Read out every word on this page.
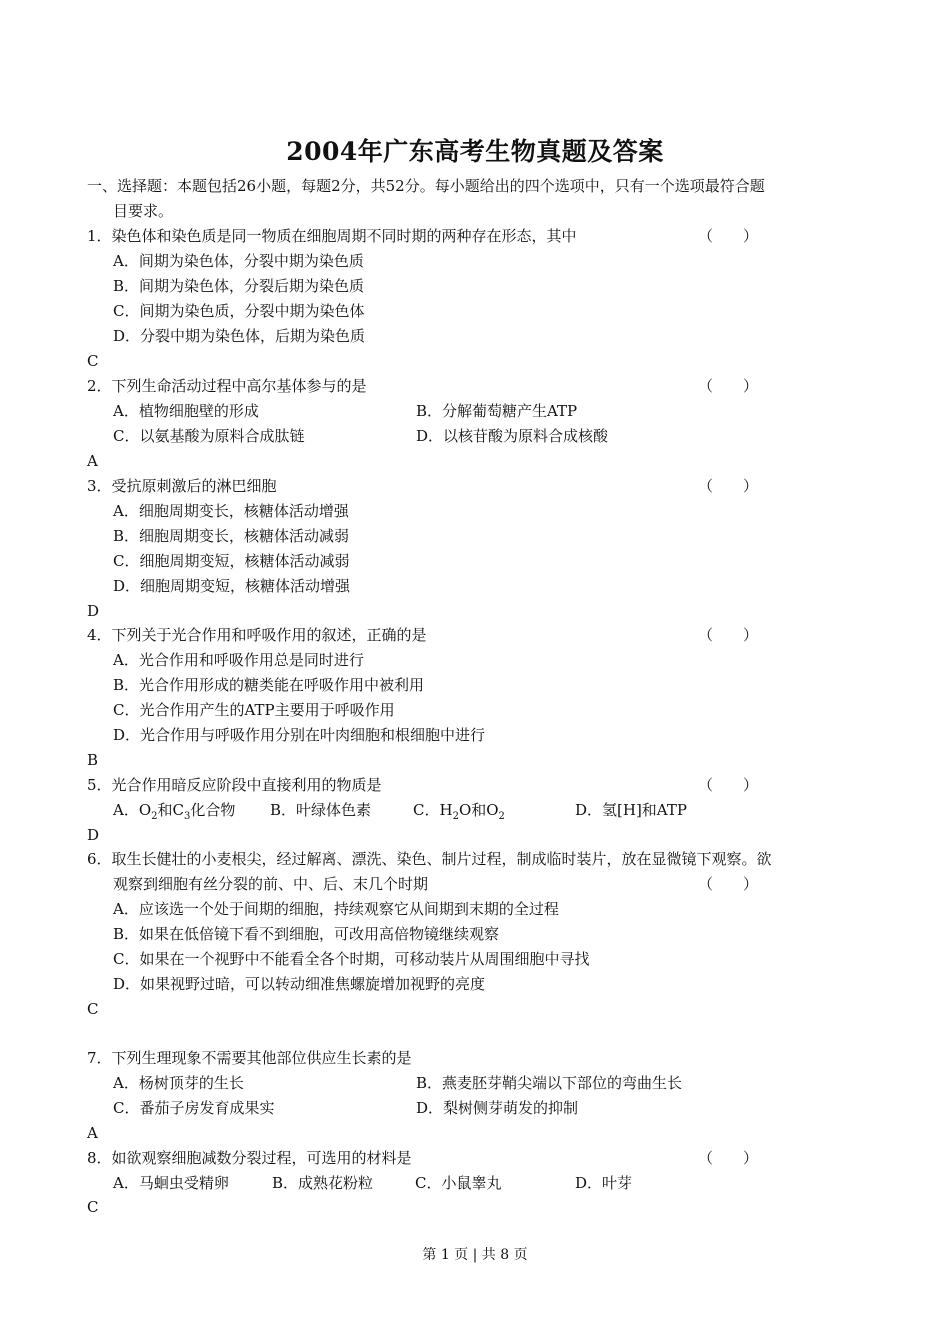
2004年广东高考生物真题及答案
一、选择题：本题包括26小题，每题2分，共52分。每小题给出的四个选项中，只有一个选项最符合题
目要求。
1．染色体和染色质是同一物质在细胞周期不同时期的两种存在形态，其中	（　　）
A．间期为染色体，分裂中期为染色质
B．间期为染色体，分裂后期为染色质
C．间期为染色质，分裂中期为染色体
D．分裂中期为染色体，后期为染色质
C
2．下列生命活动过程中高尔基体参与的是	（　　）
A．植物细胞壁的形成	B．分解葡萄糖产生ATP
C．以氨基酸为原料合成肽链	D．以核苷酸为原料合成核酸
A
3．受抗原刺激后的淋巴细胞	（　　）
A．细胞周期变长，核糖体活动增强
B．细胞周期变长，核糖体活动减弱
C．细胞周期变短，核糖体活动减弱
D．细胞周期变短，核糖体活动增强
D
4．下列关于光合作用和呼吸作用的叙述，正确的是	（　　）
A．光合作用和呼吸作用总是同时进行
B．光合作用形成的糖类能在呼吸作用中被利用
C．光合作用产生的ATP主要用于呼吸作用
D．光合作用与呼吸作用分别在叶肉细胞和根细胞中进行
B
5．光合作用暗反应阶段中直接利用的物质是	（　　）
A．$O_2$和$C_3$化合物 B．叶绿体色素	C．$H_2O$和$O_2$	D．氢[H]和ATP
D
6．取生长健壮的小麦根尖，经过解离、漂洗、染色、制片过程，制成临时装片，放在显微镜下观察。欲
观察到细胞有丝分裂的前、中、后、末几个时期	（　　）
A．应该选一个处于间期的细胞，持续观察它从间期到末期的全过程
B．如果在低倍镜下看不到细胞，可改用高倍物镜继续观察
C．如果在一个视野中不能看全各个时期，可移动装片从周围细胞中寻找
D．如果视野过暗，可以转动细准焦螺旋增加视野的亮度
C
7．下列生理现象不需要其他部位供应生长素的是
A．杨树顶芽的生长	B．燕麦胚芽鞘尖端以下部位的弯曲生长
C．番茄子房发育成果实	D．梨树侧芽萌发的抑制
A
8．如欲观察细胞减数分裂过程，可选用的材料是	（　　）
A．马蛔虫受精卵	B．成熟花粉粒	C．小鼠睾丸	D．叶芽
C
第 1 页 | 共 8 页
